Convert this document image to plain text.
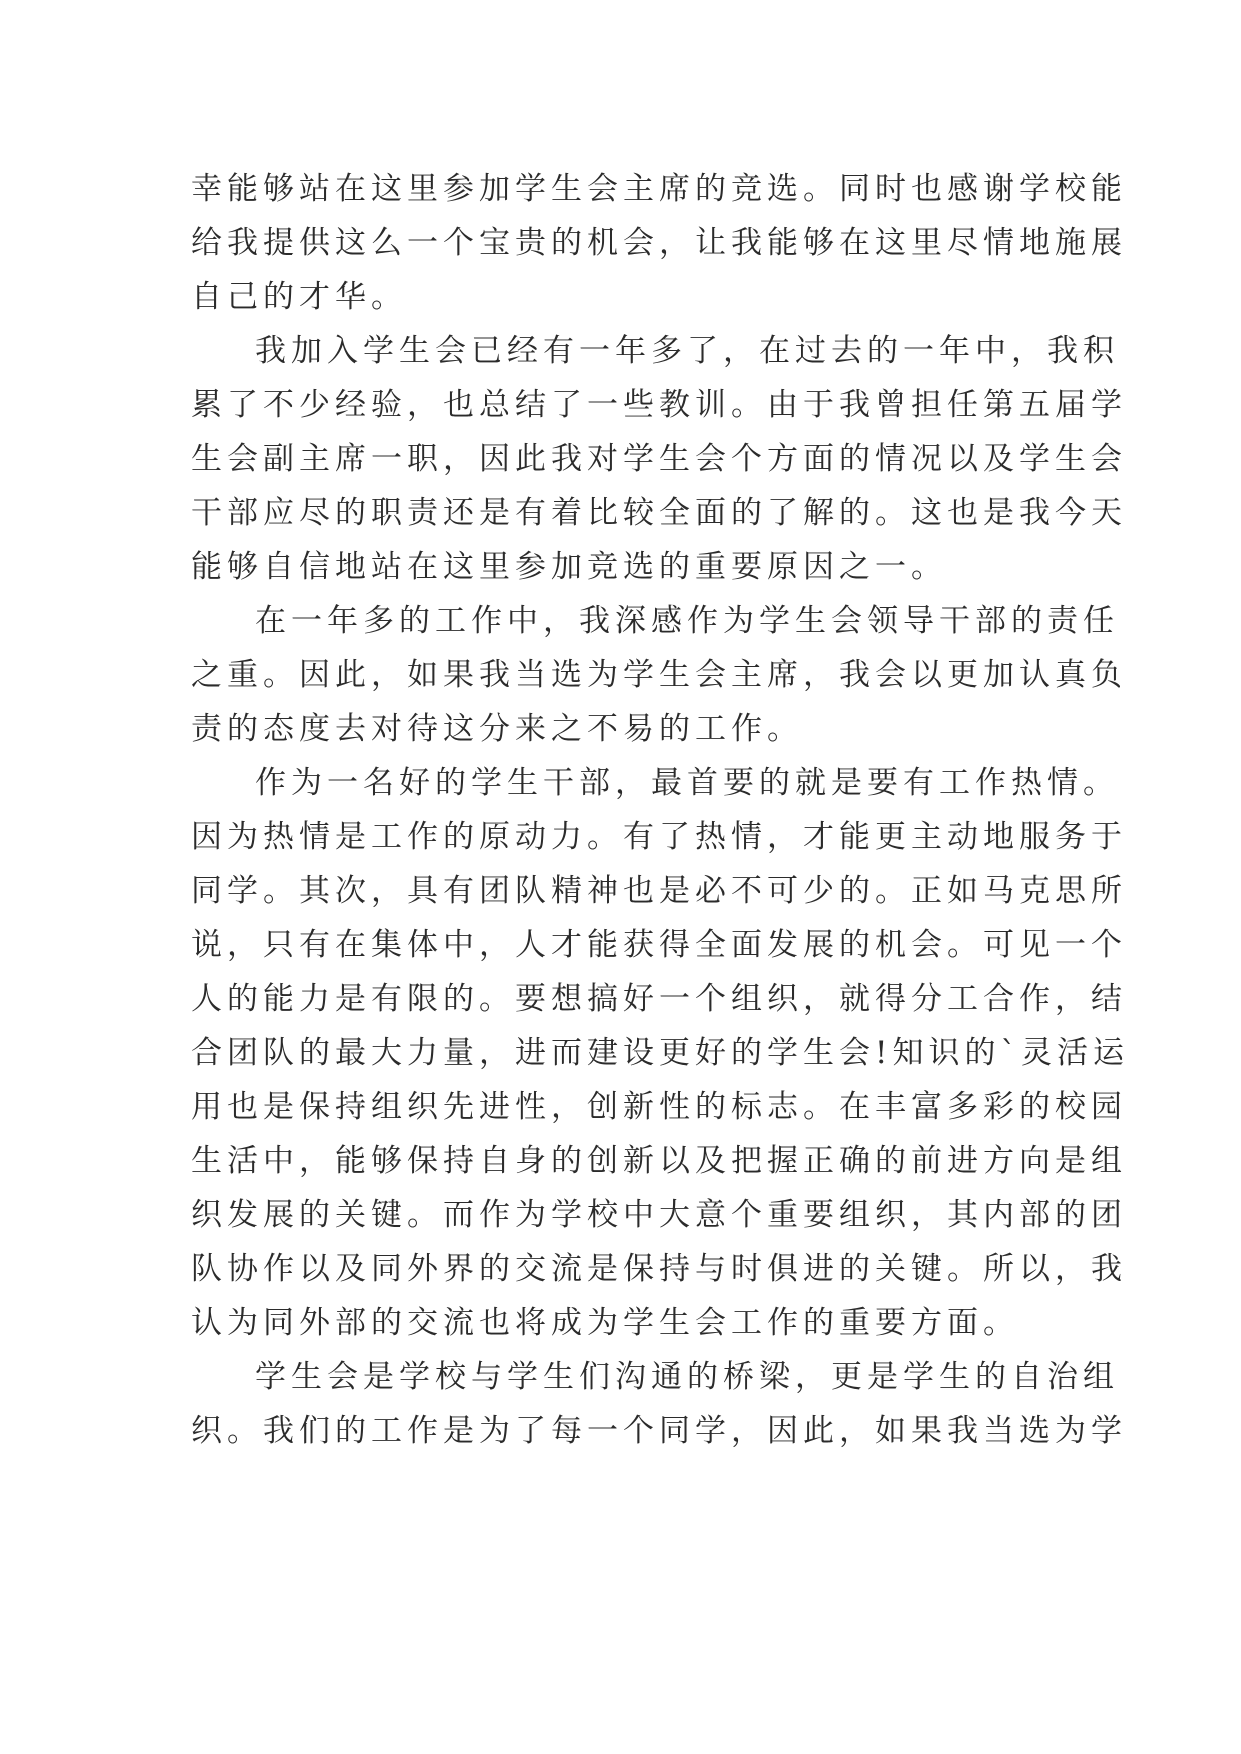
幸能够站在这里参加学生会主席的竞选。同时也感谢学校能
给我提供这么一个宝贵的机会，让我能够在这里尽情地施展
自己的才华。
我加入学生会已经有一年多了，在过去的一年中，我积
累了不少经验，也总结了一些教训。由于我曾担任第五届学
生会副主席一职，因此我对学生会个方面的情况以及学生会
干部应尽的职责还是有着比较全面的了解的。这也是我今天
能够自信地站在这里参加竞选的重要原因之一。
在一年多的工作中，我深感作为学生会领导干部的责任
之重。因此，如果我当选为学生会主席，我会以更加认真负
责的态度去对待这分来之不易的工作。
作为一名好的学生干部，最首要的就是要有工作热情。
因为热情是工作的原动力。有了热情，才能更主动地服务于
同学。其次，具有团队精神也是必不可少的。正如马克思所
说，只有在集体中，人才能获得全面发展的机会。可见一个
人的能力是有限的。要想搞好一个组织，就得分工合作，结
合团队的最大力量，进而建设更好的学生会!知识的`灵活运
用也是保持组织先进性，创新性的标志。在丰富多彩的校园
生活中，能够保持自身的创新以及把握正确的前进方向是组
织发展的关键。而作为学校中大意个重要组织，其内部的团
队协作以及同外界的交流是保持与时俱进的关键。所以，我
认为同外部的交流也将成为学生会工作的重要方面。
学生会是学校与学生们沟通的桥梁，更是学生的自治组
织。我们的工作是为了每一个同学，因此，如果我当选为学
